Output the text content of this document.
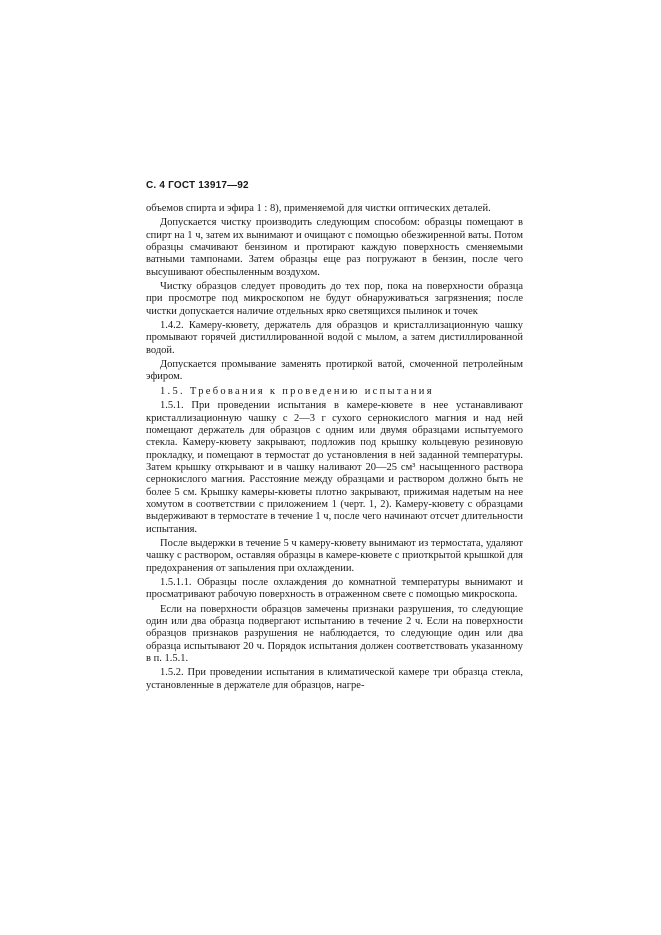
С. 4 ГОСТ 13917—92

объемов спирта и эфира 1 : 8), применяемой для чистки оптических деталей.

Допускается чистку производить следующим способом: образцы помещают в спирт на 1 ч, затем их вынимают и очищают с помощью обезжиренной ваты. Потом образцы смачивают бензином и протирают каждую поверхность сменяемыми ватными тампонами. Затем образцы еще раз погружают в бензин, после чего высушивают обеспыленным воздухом.

Чистку образцов следует проводить до тех пор, пока на поверхности образца при просмотре под микроскопом не будут обнаруживаться загрязнения; после чистки допускается наличие отдельных ярко светящихся пылинок и точек

1.4.2. Камеру-кювету, держатель для образцов и кристаллизационную чашку промывают горячей дистиллированной водой с мылом, а затем дистиллированной водой.

Допускается промывание заменять протиркой ватой, смоченной петролейным эфиром.

1.5. Требования к проведению испытания

1.5.1. При проведении испытания в камере-кювете в нее устанавливают кристаллизационную чашку с 2—3 г сухого сернокислого магния и над ней помещают держатель для образцов с одним или двумя образцами испытуемого стекла. Камеру-кювету закрывают, подложив под крышку кольцевую резиновую прокладку, и помещают в термостат до установления в ней заданной температуры. Затем крышку открывают и в чашку наливают 20—25 см³ насыщенного раствора сернокислого магния. Расстояние между образцами и раствором должно быть не более 5 см. Крышку камеры-кюветы плотно закрывают, прижимая надетым на нее хомутом в соответствии с приложением 1 (черт. 1, 2). Камеру-кювету с образцами выдерживают в термостате в течение 1 ч, после чего начинают отсчет длительности испытания.

После выдержки в течение 5 ч камеру-кювету вынимают из термостата, удаляют чашку с раствором, оставляя образцы в камере-кювете с приоткрытой крышкой для предохранения от запыления при охлаждении.

1.5.1.1. Образцы после охлаждения до комнатной температуры вынимают и просматривают рабочую поверхность в отраженном свете с помощью микроскопа.

Если на поверхности образцов замечены признаки разрушения, то следующие один или два образца подвергают испытанию в течение 2 ч. Если на поверхности образцов признаков разрушения не наблюдается, то следующие один или два образца испытывают 20 ч. Порядок испытания должен соответствовать указанному в п. 1.5.1.

1.5.2. При проведении испытания в климатической камере три образца стекла, установленные в держателе для образцов, нагре-
